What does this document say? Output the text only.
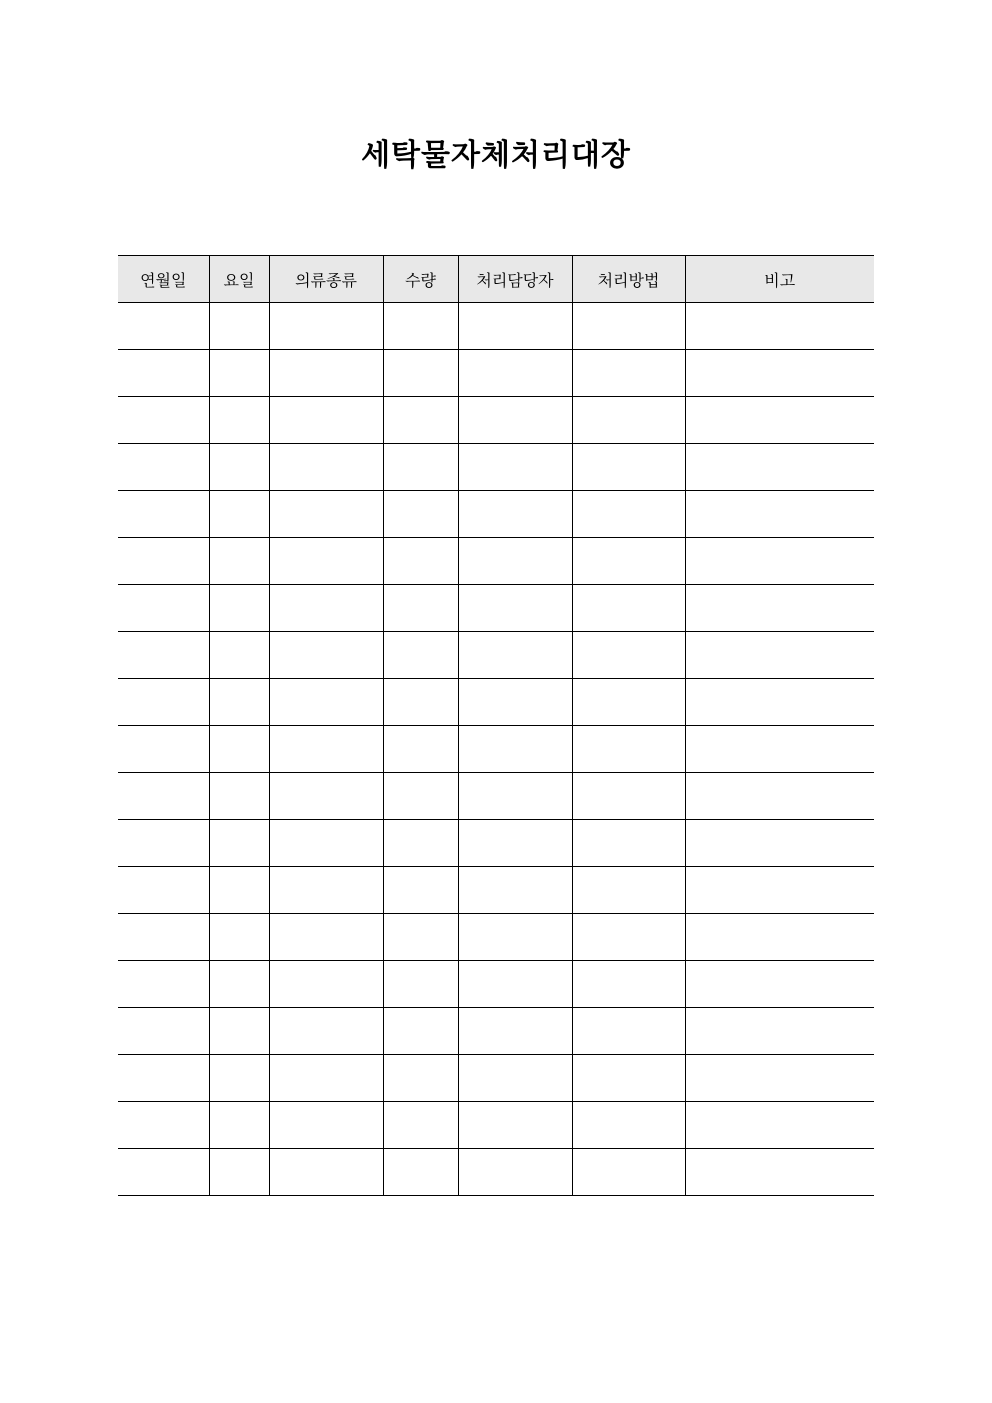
세탁물자체처리대장
연월일	요일	의류종류	수량	처리담당자	처리방법	비고
